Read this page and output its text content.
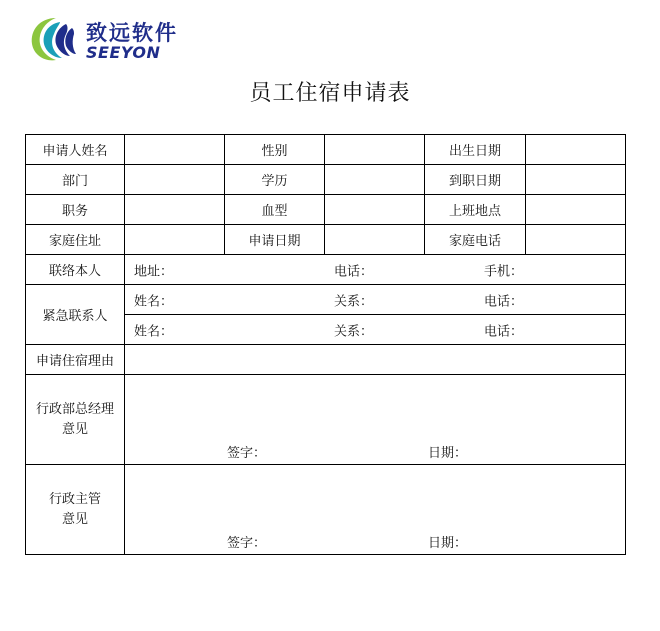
致远软件
SEEYON
员工住宿申请表
申请人姓名		性别		出生日期	
部门		学历		到职日期	
职务		血型		上班地点	
家庭住址		申请日期		家庭电话	
联络本人	地址： 电话： 手机：				

紧急联系人	姓名： 关系： 电话：				

	姓名： 关系： 电话：				

申请住宿理由					

行政部总经理
意见	签字： 日期：				

行政主管
意见	签字： 日期：				
